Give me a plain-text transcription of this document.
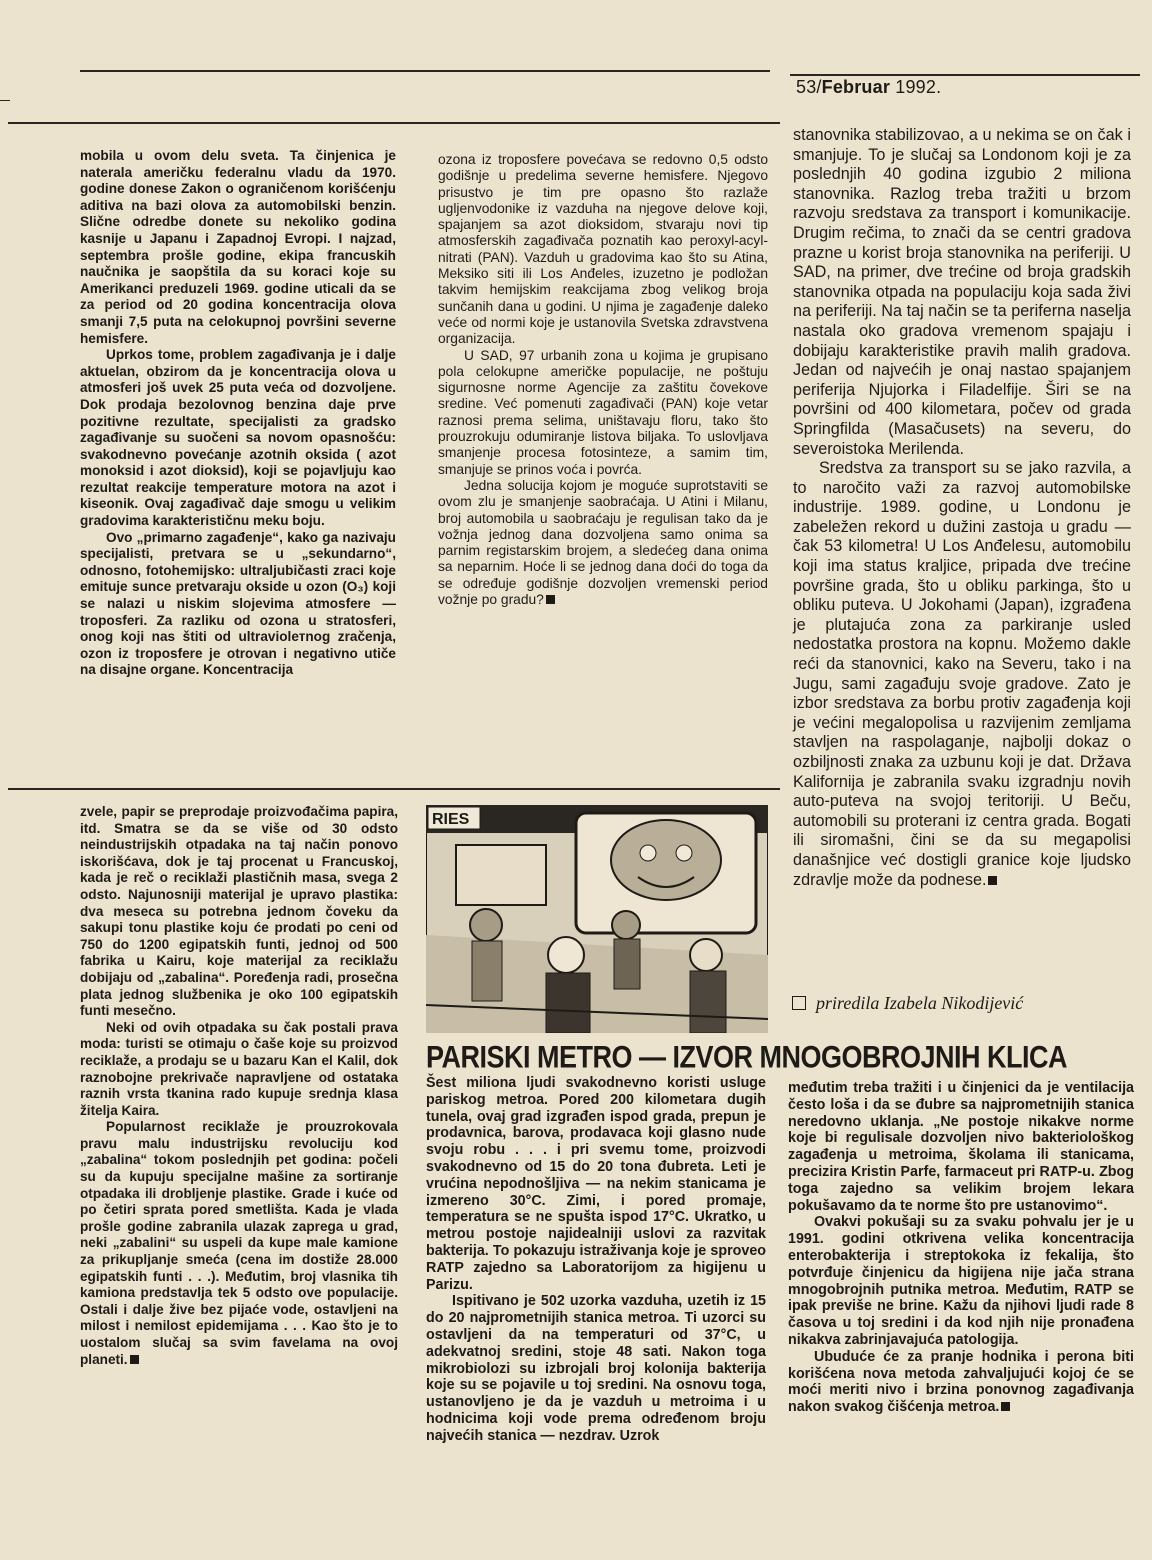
53/Februar 1992.

mobila u ovom delu sveta. Ta činjenica je naterala američku federalnu vladu da 1970. godine donese Zakon o ograničenom korišćenju aditiva na bazi olova za automobilski benzin. Slične odredbe donete su nekoliko godina kasnije u Japanu i Zapadnoj Evropi. I najzad, septembra prošle godine, ekipa francuskih naučnika je saopštila da su koraci koje su Amerikanci preduzeli 1969. godine uticali da se za period od 20 godina koncentracija olova smanji 7,5 puta na celokupnoj površini severne hemisfere.

Uprkos tome, problem zagađivanja je i dalje aktuelan, obzirom da je koncentracija olova u atmosferi još uvek 25 puta veća od dozvoljene. Dok prodaja bezolovnog benzina daje prve pozitivne rezultate, specijalisti za gradsko zagađivanje su suočeni sa novom opasnošću: svakodnevno povećanje azotnih oksida ( azot monoksid i azot dioksid), koji se pojavljuju kao rezultat reakcije temperature motora na azot i kiseonik. Ovaj zagađivač daje smogu u velikim gradovima karakterističnu meku boju.

Ovo „primarno zagađenje“, kako ga nazivaju specijalisti, pretvara se u „sekundarno“, odnosno, fotohemijsko: ultraljubičasti zraci koje emituje sunce pretvaraju okside u ozon (O₃) koji se nalazi u niskim slojevima atmosfere — troposferi. Za razliku od ozona u stratosferi, onog koji nas štiti od ultraviolетnog zračenja, ozon iz troposfere je otrovan i negativno utiče na disajne organe. Koncentracija

ozona iz troposfere povećava se redovno 0,5 odsto godišnje u predelima severne hemisfere. Njegovo prisustvo je tim pre opasno što razlaže ugljenvodonike iz vazduha na njegove delove koji, spajanjem sa azot dioksidom, stvaraju novi tip atmosferskih zagađivača poznatih kao peroxyl-acyl-nitrati (PAN). Vazduh u gradovima kao što su Atina, Meksiko siti ili Los Anđeles, izuzetno je podložan takvim hemijskim reakcijama zbog velikog broja sunčanih dana u godini. U njima je zagađenje daleko veće od normi koje je ustanovila Svetska zdravstvena organizacija.

U SAD, 97 urbanih zona u kojima je grupisano pola celokupne američke populacije, ne poštuju sigurnosne norme Agencije za zaštitu čovekove sredine. Već pomenuti zagađivači (PAN) koje vetar raznosi prema selima, uništavaju floru, tako što prouzrokuju odumiranje listova biljaka. To uslovljava smanjenje procesa fotosinteze, a samim tim, smanjuje se prinos voća i povrća.

Jedna solucija kojom je moguće suprotstaviti se ovom zlu je smanjenje saobraćaja. U Atini i Milanu, broj automobila u saobraćaju je regulisan tako da je vožnja jednog dana dozvoljena samo onima sa parnim registarskim brojem, a sledećeg dana onima sa neparnim. Hoće li se jednog dana doći do toga da se određuje godišnje dozvoljen vremenski period vožnje po gradu?

stanovnika stabilizovao, a u nekima se on čak i smanjuje. To je slučaj sa Londonom koji je za poslednjih 40 godina izgubio 2 miliona stanovnika. Razlog treba tražiti u brzom razvoju sredstava za transport i komunikacije. Drugim rečima, to znači da se centri gradova prazne u korist broja stanovnika na periferiji. U SAD, na primer, dve trećine od broja gradskih stanovnika otpada na populaciju koja sada živi na periferiji. Na taj način se ta periferna naselja nastala oko gradova vremenom spajaju i dobijaju karakteristike pravih malih gradova. Jedan od najvećih je onaj nastao spajanjem periferija Njujorka i Filadelfije. Širi se na površini od 400 kilometara, počev od grada Springfilda (Masačusets) na severu, do severoistoka Merilenda.

Sredstva za transport su se jako razvila, a to naročito važi za razvoj automobilske industrije. 1989. godine, u Londonu je zabeležen rekord u dužini zastoja u gradu — čak 53 kilometra! U Los Anđelesu, automobilu koji ima status kraljice, pripada dve trećine površine grada, što u obliku parkinga, što u obliku puteva. U Jokohami (Japan), izgrađena je plutajuća zona za parkiranje usled nedostatka prostora na kopnu. Možemo dakle reći da stanovnici, kako na Severu, tako i na Jugu, sami zagađuju svoje gradove. Zato je izbor sredstava za borbu protiv zagađenja koji je većini megalopolisa u razvijenim zemljama stavljen na raspolaganje, najbolji dokaz o ozbiljnosti znaka za uzbunu koji je dat. Država Kalifornija je zabranila svaku izgradnju novih auto-puteva na svojoj teritoriji. U Beču, automobili su proterani iz centra grada. Bogati ili siromašni, čini se da su megapolisi današnjice već dostigli granice koje ljudsko zdravlje može da podnese.

priredila Izabela Nikodijević

zvele, papir se preprodaje proizvođačima papira, itd. Smatra se da se više od 30 odsto neindustrijskih otpadaka na taj način ponovo iskorišćava, dok je taj procenat u Francuskoj, kada je reč o reciklaži plastičnih masa, svega 2 odsto. Najunosniji materijal je upravo plastika: dva meseca su potrebna jednom čoveku da sakupi tonu plastike koju će prodati po ceni od 750 do 1200 egipatskih funti, jednoj od 500 fabrika u Kairu, koje materijal za reciklažu dobijaju od „zabalina“. Poređenja radi, prosečna plata jednog službenika je oko 100 egipatskih funti mesečno.

Neki od ovih otpadaka su čak postali prava moda: turisti se otimaju o čaše koje su proizvod reciklaže, a prodaju se u bazaru Kan el Kalil, dok raznobojne prekrivače napravljene od ostataka raznih vrsta tkanina rado kupuje srednja klasa žitelja Kaira.

Popularnost reciklaže je prouzrokovala pravu malu industrijsku revoluciju kod „zabalina“ tokom poslednjih pet godina: počeli su da kupuju specijalne mašine za sortiranje otpadaka ili drobljenje plastike. Grade i kuće od po četiri sprata pored smetlišta. Kada je vlada prošle godine zabranila ulazak zaprega u grad, neki „zabalini“ su uspeli da kupe male kamione za prikupljanje smeća (cena im dostiže 28.000 egipatskih funti . . .). Međutim, broj vlasnika tih kamiona predstavlja tek 5 odsto ove populacije. Ostali i dalje žive bez pijaće vode, ostavljeni na milost i nemilost epidemijama . . . Kao što je to uostalom slučaj sa svim favelama na ovoj planeti.

RIES
PARISKI METRO — IZVOR MNOGOBROJNIH KLICA

Šest miliona ljudi svakodnevno koristi usluge pariskog metroa. Pored 200 kilometara dugih tunela, ovaj grad izgrađen ispod grada, prepun je prodavnica, barova, prodavaca koji glasno nude svoju robu . . . i pri svemu tome, proizvodi svakodnevno od 15 do 20 tona đubreta. Leti je vrućina nepodnošljiva — na nekim stanicama je izmereno 30°C. Zimi, i pored promaje, temperatura se ne spušta ispod 17°C. Ukratko, u metrou postoje najidealniji uslovi za razvitak bakterija. To pokazuju istraživanja koje je sproveo RATP zajedno sa Laboratorijom za higijenu u Parizu.

Ispitivano je 502 uzorka vazduha, uzetih iz 15 do 20 najprometnijih stanica metroa. Ti uzorci su ostavljeni da na temperaturi od 37°C, u adekvatnoj sredini, stoje 48 sati. Nakon toga mikrobiolozi su izbrojali broj kolonija bakterija koje su se pojavile u toj sredini. Na osnovu toga, ustanovljeno je da je vazduh u metroima i u hodnicima koji vode prema određenom broju najvećih stanica — nezdrav. Uzrok

međutim treba tražiti i u činjenici da je ventilacija često loša i da se đubre sa najprometnijih stanica neredovno uklanja. „Ne postoje nikakve norme koje bi regulisale dozvoljen nivo bakteriološkog zagađenja u metroima, školama ili stanicama, precizira Kristin Parfe, farmaceut pri RATP-u. Zbog toga zajedno sa velikim brojem lekara pokušavamo da te norme što pre ustanovimo“.

Ovakvi pokušaji su za svaku pohvalu jer je u 1991. godini otkrivena velika koncentracija enterobakterija i streptokoka iz fekalija, što potvrđuje činjenicu da higijena nije jača strana mnogobrojnih putnika metroa. Međutim, RATP se ipak previše ne brine. Kažu da njihovi ljudi rade 8 časova u toj sredini i da kod njih nije pronađena nikakva zabrinjavajuća patologija.

Ubuduće će za pranje hodnika i perona biti korišćena nova metoda zahvaljujući kojoj će se moći meriti nivo i brzina ponovnog zagađivanja nakon svakog čišćenja metroa.
